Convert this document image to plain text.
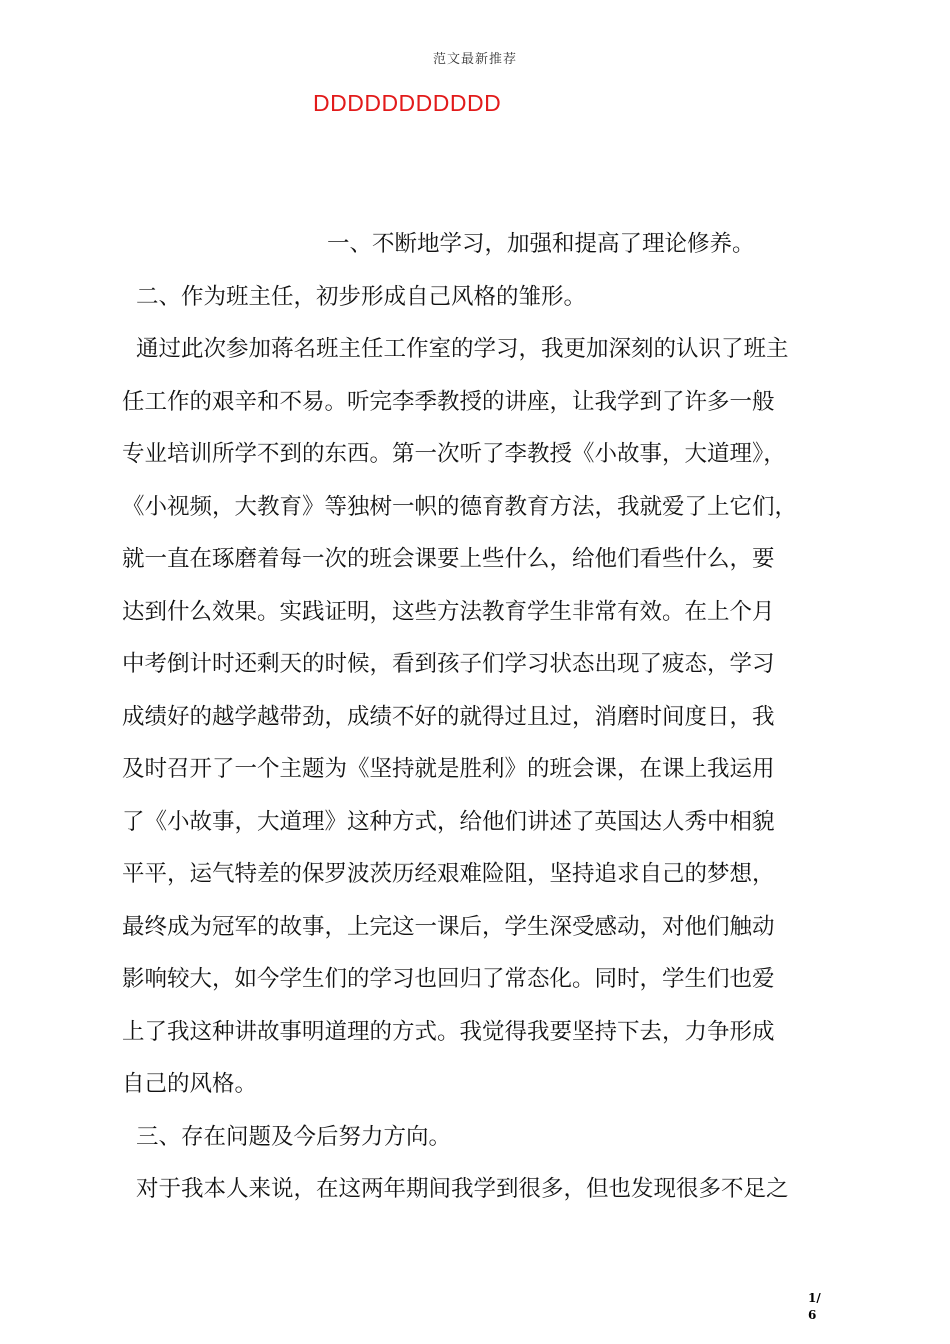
范文最新推荐
DDDDDDDDDDD
一、不断地学习，加强和提高了理论修养。
二、作为班主任，初步形成自己风格的雏形。
通过此次参加蒋名班主任工作室的学习，我更加深刻的认识了班主
任工作的艰辛和不易。听完李季教授的讲座，让我学到了许多一般
专业培训所学不到的东西。第一次听了李教授《小故事，大道理》，
《小视频，大教育》等独树一帜的德育教育方法，我就爱了上它们，
就一直在琢磨着每一次的班会课要上些什么，给他们看些什么，要
达到什么效果。实践证明，这些方法教育学生非常有效。在上个月
中考倒计时还剩天的时候，看到孩子们学习状态出现了疲态，学习
成绩好的越学越带劲，成绩不好的就得过且过，消磨时间度日，我
及时召开了一个主题为《坚持就是胜利》的班会课，在课上我运用
了《小故事，大道理》这种方式，给他们讲述了英国达人秀中相貌
平平，运气特差的保罗波茨历经艰难险阻，坚持追求自己的梦想，
最终成为冠军的故事，上完这一课后，学生深受感动，对他们触动
影响较大，如今学生们的学习也回归了常态化。同时，学生们也爱
上了我这种讲故事明道理的方式。我觉得我要坚持下去，力争形成
自己的风格。
三、存在问题及今后努力方向。
对于我本人来说，在这两年期间我学到很多，但也发现很多不足之
1/
6
